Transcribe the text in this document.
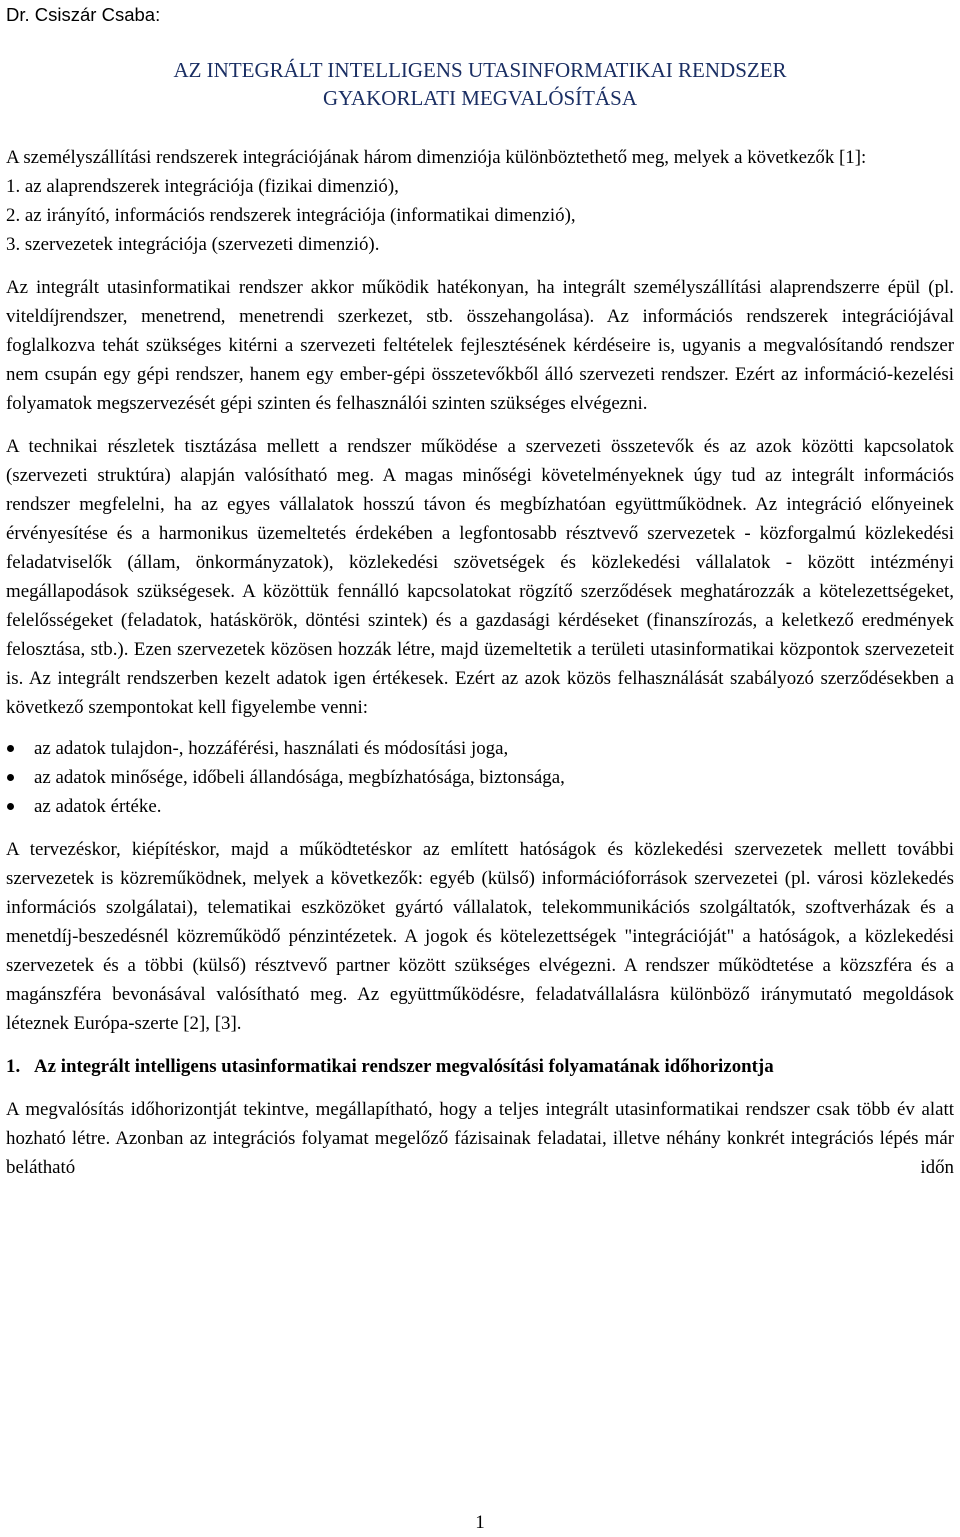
Dr. Csiszár Csaba:
AZ INTEGRÁLT INTELLIGENS UTASINFORMATIKAI RENDSZER
GYAKORLATI MEGVALÓSÍTÁSA

A személyszállítási rendszerek integrációjának három dimenziója különböztethető meg, melyek a következők [1]:

1. az alaprendszerek integrációja (fizikai dimenzió),
2. az irányító, információs rendszerek integrációja (informatikai dimenzió),
3. szervezetek integrációja (szervezeti dimenzió).

Az integrált utasinformatikai rendszer akkor működik hatékonyan, ha integrált személyszállítási alaprendszerre épül (pl. viteldíjrendszer, menetrend, menetrendi szerkezet, stb. összehangolása). Az információs rendszerek integrációjával foglalkozva tehát szükséges kitérni a szervezeti feltételek fejlesztésének kérdéseire is, ugyanis a megvalósítandó rendszer nem csupán egy gépi rendszer, hanem egy ember-gépi összetevőkből álló szervezeti rendszer. Ezért az információ-kezelési folyamatok megszervezését gépi szinten és felhasználói szinten szükséges elvégezni.

A technikai részletek tisztázása mellett a rendszer működése a szervezeti összetevők és az azok közötti kapcsolatok (szervezeti struktúra) alapján valósítható meg. A magas minőségi követelményeknek úgy tud az integrált információs rendszer megfelelni, ha az egyes vállalatok hosszú távon és megbízhatóan együttműködnek. Az integráció előnyeinek érvényesítése és a harmonikus üzemeltetés érdekében a legfontosabb résztvevő szervezetek - közforgalmú közlekedési feladatviselők (állam, önkormányzatok), közlekedési szövetségek és közlekedési vállalatok - között intézményi megállapodások szükségesek. A közöttük fennálló kapcsolatokat rögzítő szerződések meghatározzák a kötelezettségeket, felelősségeket (feladatok, hatáskörök, döntési szintek) és a gazdasági kérdéseket (finanszírozás, a keletkező eredmények felosztása, stb.). Ezen szervezetek közösen hozzák létre, majd üzemeltetik a területi utasinformatikai központok szervezeteit is. Az integrált rendszerben kezelt adatok igen értékesek. Ezért az azok közös felhasználását szabályozó szerződésekben a következő szempontokat kell figyelembe venni:

az adatok tulajdon-, hozzáférési, használati és módosítási joga,
az adatok minősége, időbeli állandósága, megbízhatósága, biztonsága,
az adatok értéke.

A tervezéskor, kiépítéskor, majd a működtetéskor az említett hatóságok és közlekedési szervezetek mellett további szervezetek is közreműködnek, melyek a következők: egyéb (külső) információforrások szervezetei (pl. városi közlekedés információs szolgálatai), telematikai eszközöket gyártó vállalatok, telekommunikációs szolgáltatók, szoftverházak és a menetdíj-beszedésnél közreműködő pénzintézetek. A jogok és kötelezettségek "integrációját" a hatóságok, a közlekedési szervezetek és a többi (külső) résztvevő partner között szükséges elvégezni. A rendszer működtetése a közszféra és a magánszféra bevonásával valósítható meg. Az együttműködésre, feladatvállalásra különböző iránymutató megoldások léteznek Európa-szerte [2], [3].

1. Az integrált intelligens utasinformatikai rendszer megvalósítási folyamatának időhorizontja

A megvalósítás időhorizontját tekintve, megállapítható, hogy a teljes integrált utasinformatikai rendszer csak több év alatt hozható létre. Azonban az integrációs folyamat megelőző fázisainak feladatai, illetve néhány konkrét integrációs lépés már belátható időn

1
